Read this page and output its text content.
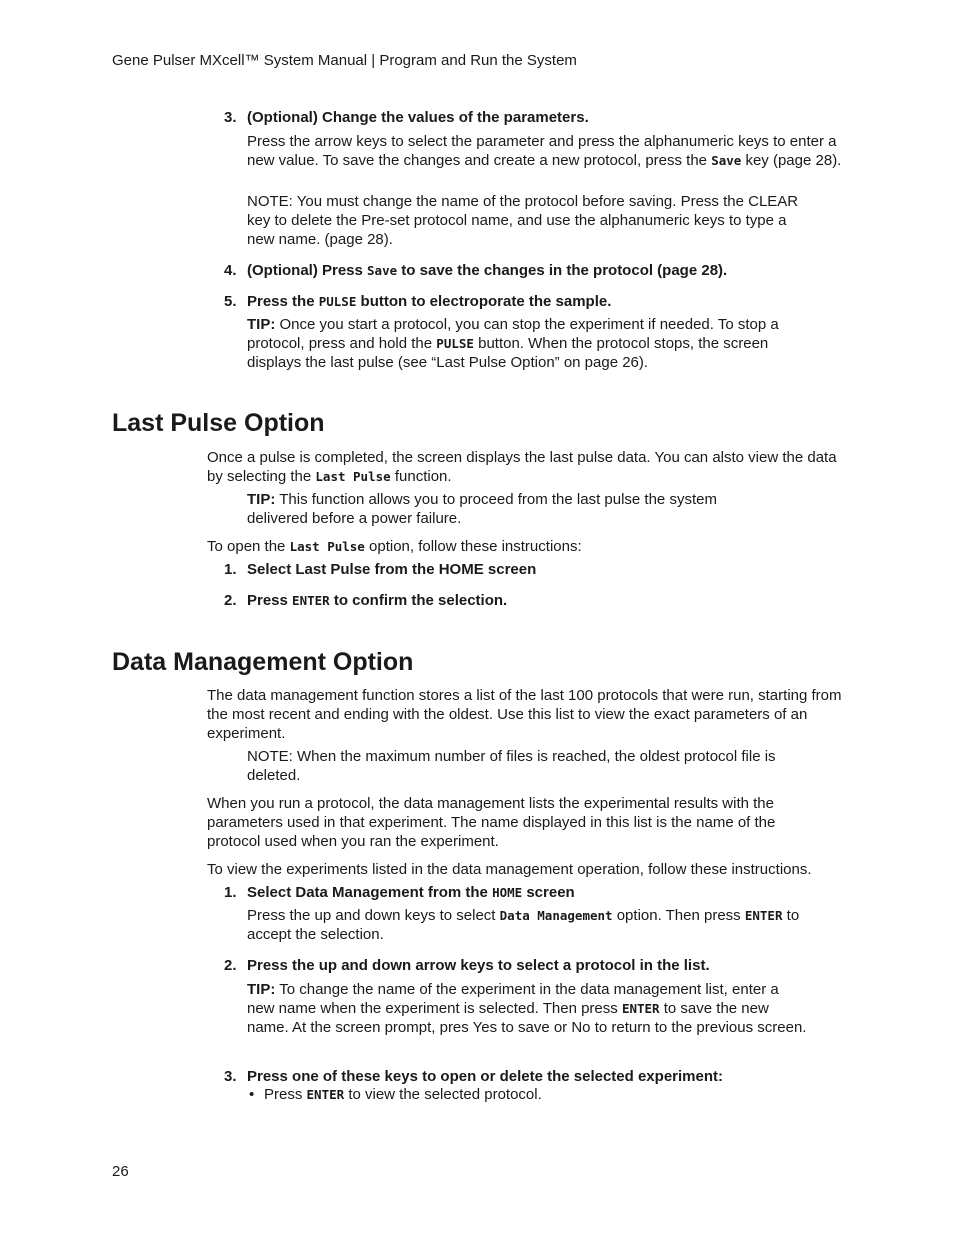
Gene Pulser MXcell™ System Manual | Program and Run the System
3. (Optional) Change the values of the parameters.
Press the arrow keys to select the parameter and press the alphanumeric keys to enter a new value. To save the changes and create a new protocol, press the Save key (page 28).
NOTE: You must change the name of the protocol before saving. Press the CLEAR key to delete the Pre-set protocol name, and use the alphanumeric keys to type a new name. (page 28).
4. (Optional) Press Save to save the changes in the protocol (page 28).
5. Press the PULSE button to electroporate the sample.
TIP: Once you start a protocol, you can stop the experiment if needed. To stop a protocol, press and hold the PULSE button. When the protocol stops, the screen displays the last pulse (see “Last Pulse Option” on page 26).
Last Pulse Option
Once a pulse is completed, the screen displays the last pulse data. You can alsto view the data by selecting the Last Pulse function.
TIP: This function allows you to proceed from the last pulse the system delivered before a power failure.
To open the Last Pulse option, follow these instructions:
1. Select Last Pulse from the HOME screen
2. Press ENTER to confirm the selection.
Data Management Option
The data management function stores a list of the last 100 protocols that were run, starting from the most recent and ending with the oldest. Use this list to view the exact parameters of an experiment.
NOTE: When the maximum number of files is reached, the oldest protocol file is deleted.
When you run a protocol, the data management lists the experimental results with the parameters used in that experiment. The name displayed in this list is the name of the protocol used when you ran the experiment.
To view the experiments listed in the data management operation, follow these instructions.
1. Select Data Management from the HOME screen
Press the up and down keys to select Data Management option. Then press ENTER to accept the selection.
2. Press the up and down arrow keys to select a protocol in the list.
TIP: To change the name of the experiment in the data management list, enter a new name when the experiment is selected. Then press ENTER to save the new name. At the screen prompt, pres Yes to save or No to return to the previous screen.
3. Press one of these keys to open or delete the selected experiment:
• Press ENTER to view the selected protocol.
26
